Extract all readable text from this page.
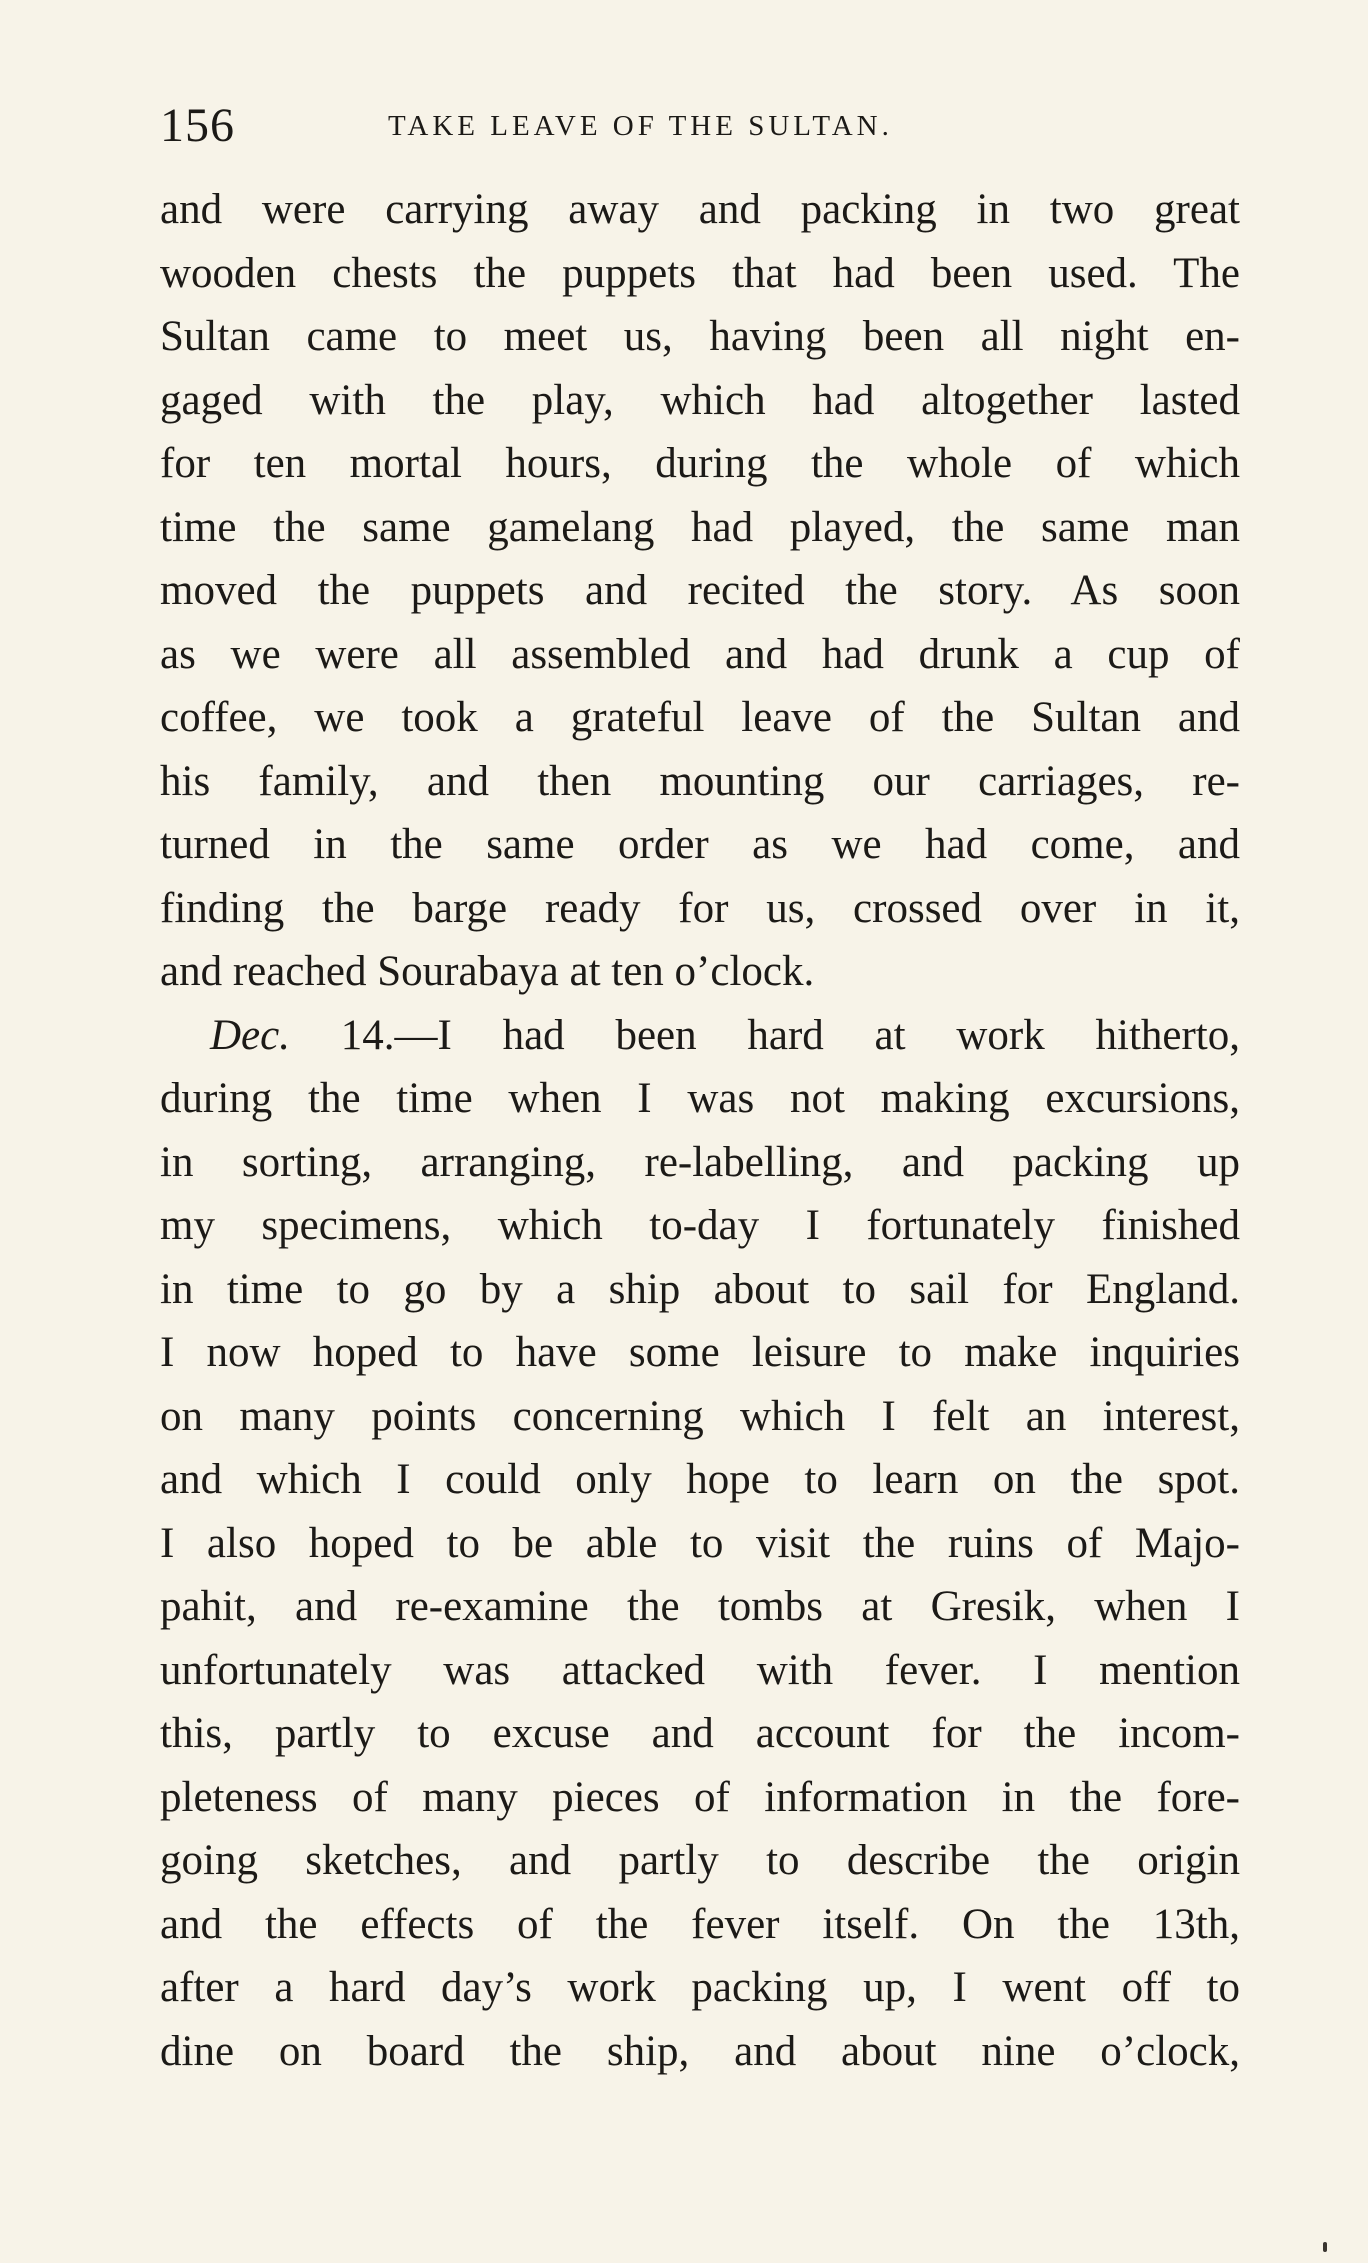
156	TAKE LEAVE OF THE SULTAN.
and were carrying away and packing in two great
wooden chests the puppets that had been used. The
Sultan came to meet us, having been all night en-
gaged with the play, which had altogether lasted
for ten mortal hours, during the whole of which
time the same gamelang had played, the same man
moved the puppets and recited the story. As soon
as we were all assembled and had drunk a cup of
coffee, we took a grateful leave of the Sultan and
his family, and then mounting our carriages, re-
turned in the same order as we had come, and
finding the barge ready for us, crossed over in it,
and reached Sourabaya at ten o’clock.
Dec. 14.—I had been hard at work hitherto,
during the time when I was not making excursions,
in sorting, arranging, re-labelling, and packing up
my specimens, which to-day I fortunately finished
in time to go by a ship about to sail for England.
I now hoped to have some leisure to make inquiries
on many points concerning which I felt an interest,
and which I could only hope to learn on the spot.
I also hoped to be able to visit the ruins of Majo-
pahit, and re-examine the tombs at Gresik, when I
unfortunately was attacked with fever. I mention
this, partly to excuse and account for the incom-
pleteness of many pieces of information in the fore-
going sketches, and partly to describe the origin
and the effects of the fever itself. On the 13th,
after a hard day’s work packing up, I went off to
dine on board the ship, and about nine o’clock,
